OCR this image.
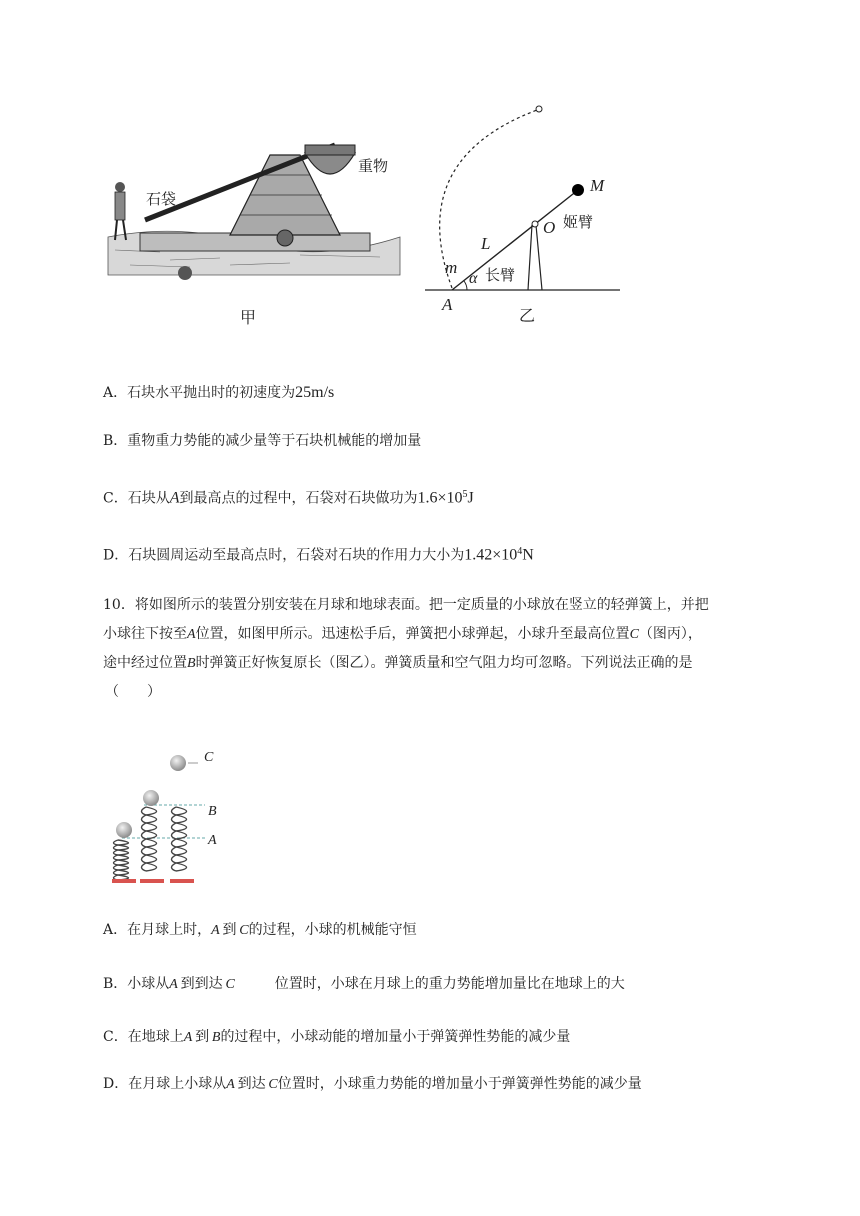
石袋
重物
甲
M
O 姬臂
L
m
α 长臂
A
乙
A．石块水平抛出时的初速度为25m/s
B．重物重力势能的减少量等于石块机械能的增加量
C．石块从A到最高点的过程中，石袋对石块做功为$1.6\times 10^5J$
D．石块圆周运动至最高点时，石袋对石块的作用力大小为$1.42\times 10^4N$
10．将如图所示的装置分别安装在月球和地球表面。把一定质量的小球放在竖立的轻弹簧上，并把
小球往下按至A位置，如图甲所示。迅速松手后，弹簧把小球弹起，小球升至最高位置C（图丙），
途中经过位置B时弹簧正好恢复原长（图乙）。弹簧质量和空气阻力均可忽略。下列说法正确的是
（　　）
C
B
A
A．在月球上时，A  到  C的过程，小球的机械能守恒
B．小球从A  到到达  C	位置时，小球在月球上的重力势能增加量比在地球上的大
C．在地球上A  到  B的过程中，小球动能的增加量小于弹簧弹性势能的减少量
D．在月球上小球从A  到达  C位置时，小球重力势能的增加量小于弹簧弹性势能的减少量
